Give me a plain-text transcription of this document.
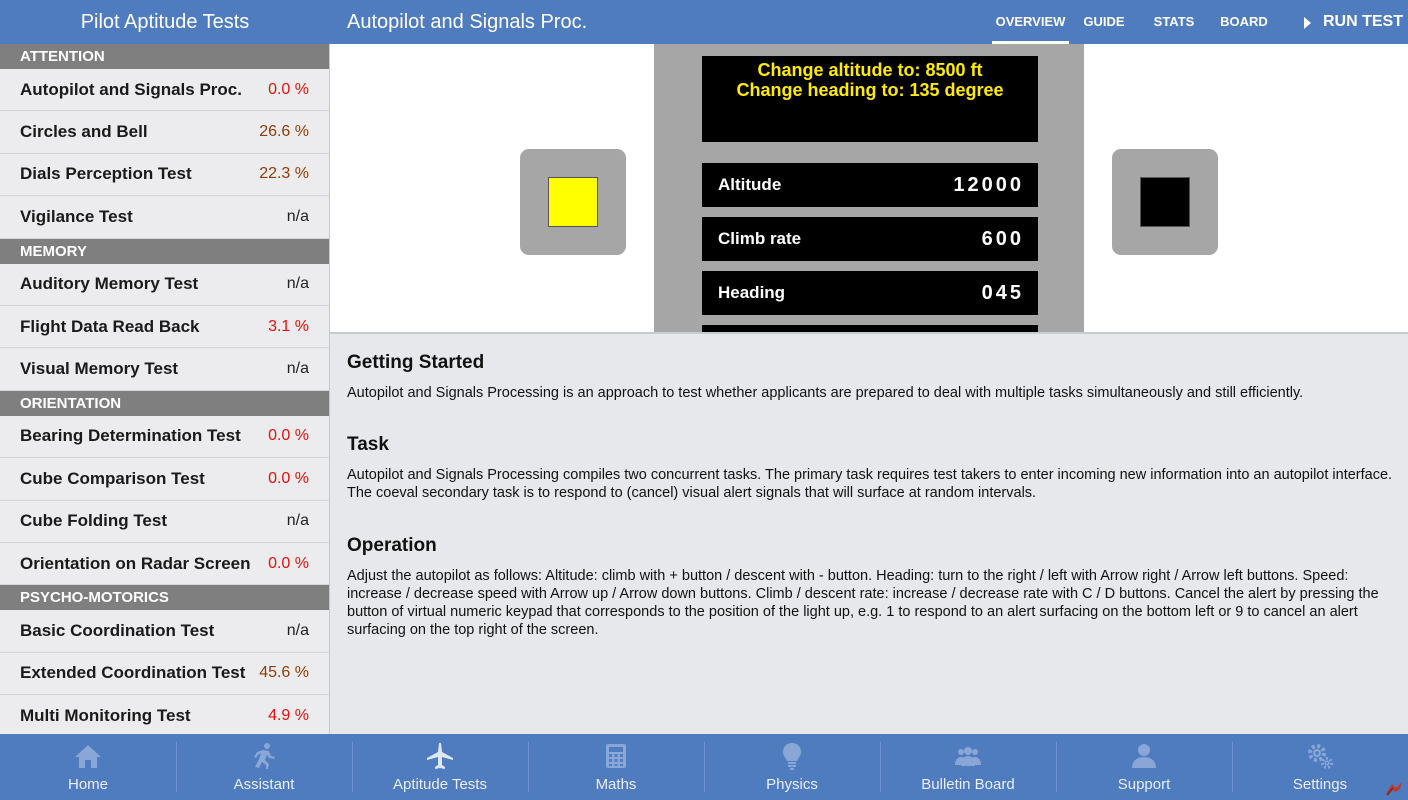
Pilot Aptitude Tests	Autopilot and Signals Proc.	OVERVIEW	GUIDE	STATS	BOARD	RUN TEST
ATTENTION
Autopilot and Signals Proc. 0.0 %
Circles and Bell	26.6 %
Dials Perception Test	22.3 %
Vigilance Test	n/a
MEMORY
Auditory Memory Test	n/a
Flight Data Read Back	3.1 %
Visual Memory Test	n/a
ORIENTATION
Bearing Determination Test 0.0 %
Cube Comparison Test	0.0 %
Cube Folding Test	n/a
Orientation on Radar Screen 0.0 %
PSYCHO-MOTORICS
Basic Coordination Test	n/a
Extended Coordination Test 45.6 %
Multi Monitoring Test	4.9 %
Change altitude to: 8500 ft
Change heading to: 135 degree
Altitude	12000
Climb rate	600
Heading	045
Getting Started

Autopilot and Signals Processing is an approach to test whether applicants are prepared to deal with multiple tasks simultaneously and still efficiently.

Task

Autopilot and Signals Processing compiles two concurrent tasks. The primary task requires test takers to enter incoming new information into an autopilot interface. The coeval secondary task is to respond to (cancel) visual alert signals that will surface at random intervals.

Operation

Adjust the autopilot as follows: Altitude: climb with + button / descent with - button. Heading: turn to the right / left with Arrow right / Arrow left buttons. Speed: increase / decrease speed with Arrow up / Arrow down buttons. Climb / descent rate: increase / decrease rate with C / D buttons. Cancel the alert by pressing the button of virtual numeric keypad that corresponds to the position of the light up, e.g. 1 to respond to an alert surfacing on the bottom left or 9 to cancel an alert surfacing on the top right of the screen.

Home	Assistant	Aptitude Tests	Maths	Physics	Bulletin Board	Support	Settings
